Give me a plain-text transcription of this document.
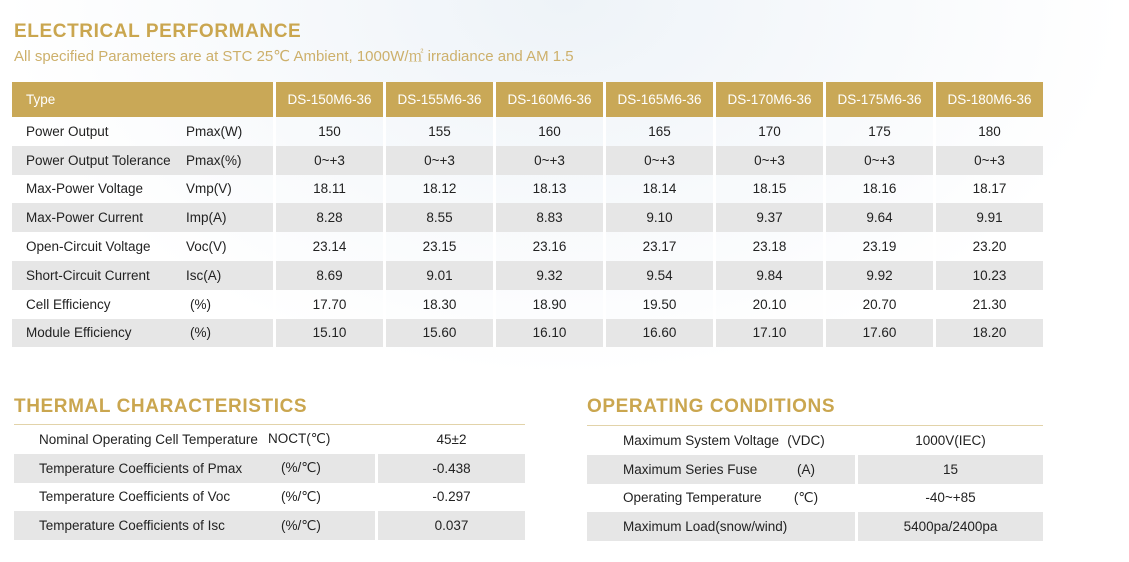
ELECTRICAL PERFORMANCE
All specified Parameters are at STC 25℃ Ambient, 1000W/㎡ irradiance and AM 1.5
Type	DS-150M6-36	DS-155M6-36	DS-160M6-36	DS-165M6-36	DS-170M6-36	DS-175M6-36	DS-180M6-36
Power Output	Pmax(W)	150	155	160	165	170	175	180
Power Output Tolerance	Pmax(%)	0~+3	0~+3	0~+3	0~+3	0~+3	0~+3	0~+3
Max-Power Voltage	Vmp(V)	18.11	18.12	18.13	18.14	18.15	18.16	18.17
Max-Power Current	Imp(A)	8.28	8.55	8.83	9.10	9.37	9.64	9.91
Open-Circuit Voltage	Voc(V)	23.14	23.15	23.16	23.17	23.18	23.19	23.20
Short-Circuit Current	Isc(A)	8.69	9.01	9.32	9.54	9.84	9.92	10.23
Cell Efficiency	(%)	17.70	18.30	18.90	19.50	20.10	20.70	21.30
Module Efficiency	(%)	15.10	15.60	16.10	16.60	17.10	17.60	18.20
THERMAL CHARACTERISTICS
Nominal Operating Cell Temperature NOCT(℃)	45±2
Temperature Coefficients of Pmax	(%/℃)	-0.438
Temperature Coefficients of Voc	(%/℃)	-0.297
Temperature Coefficients of Isc	(%/℃)	0.037
OPERATING CONDITIONS
Maximum System Voltage (VDC)	1000V(IEC)
Maximum Series Fuse	(A)	15
Operating Temperature	(℃)	-40~+85
Maximum Load(snow/wind)	5400pa/2400pa
